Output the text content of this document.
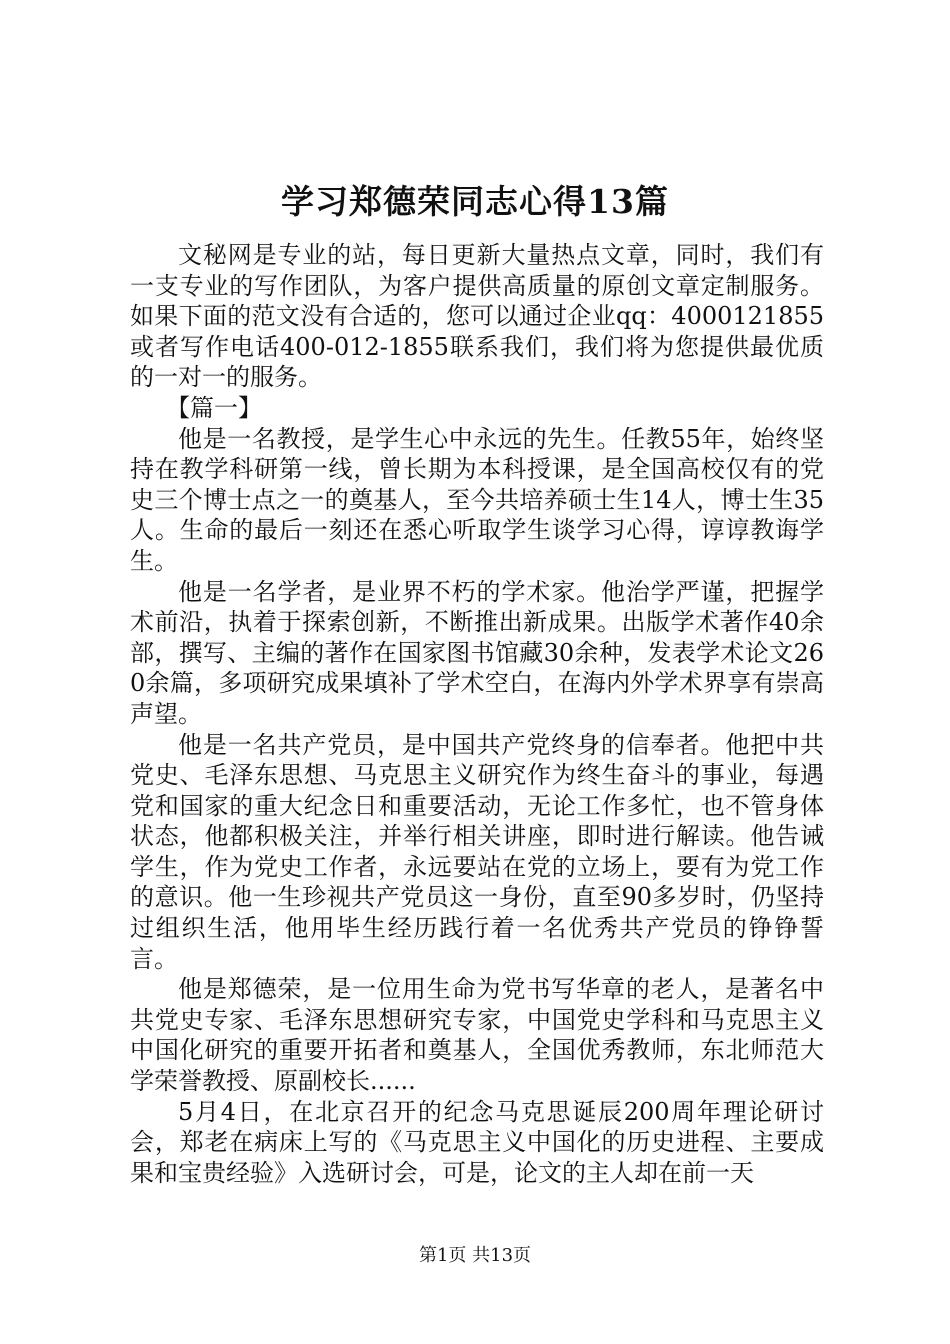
学习郑德荣同志心得13篇

文秘网是专业的站，每日更新大量热点文章，同时，我们有一支专业的写作团队，为客户提供高质量的原创文章定制服务。如果下面的范文没有合适的，您可以通过企业qq：4000121855或者写作电话400-012-1855联系我们，我们将为您提供最优质的一对一的服务。

【篇一】

他是一名教授，是学生心中永远的先生。任教55年，始终坚持在教学科研第一线，曾长期为本科授课，是全国高校仅有的党史三个博士点之一的奠基人，至今共培养硕士生14人，博士生35人。生命的最后一刻还在悉心听取学生谈学习心得，谆谆教诲学生。

他是一名学者，是业界不朽的学术家。他治学严谨，把握学术前沿，执着于探索创新，不断推出新成果。出版学术著作40余部，撰写、主编的著作在国家图书馆藏30余种，发表学术论文260余篇，多项研究成果填补了学术空白，在海内外学术界享有崇高声望。

他是一名共产党员，是中国共产党终身的信奉者。他把中共党史、毛泽东思想、马克思主义研究作为终生奋斗的事业，每遇党和国家的重大纪念日和重要活动，无论工作多忙，也不管身体状态，他都积极关注，并举行相关讲座，即时进行解读。他告诫学生，作为党史工作者，永远要站在党的立场上，要有为党工作的意识。他一生珍视共产党员这一身份，直至90多岁时，仍坚持过组织生活，他用毕生经历践行着一名优秀共产党员的铮铮誓言。

他是郑德荣，是一位用生命为党书写华章的老人，是著名中共党史专家、毛泽东思想研究专家，中国党史学科和马克思主义中国化研究的重要开拓者和奠基人，全国优秀教师，东北师范大学荣誉教授、原副校长......

5月4日，在北京召开的纪念马克思诞辰200周年理论研讨会，郑老在病床上写的《马克思主义中国化的历史进程、主要成果和宝贵经验》入选研讨会，可是，论文的主人却在前一天

第1页 共13页
